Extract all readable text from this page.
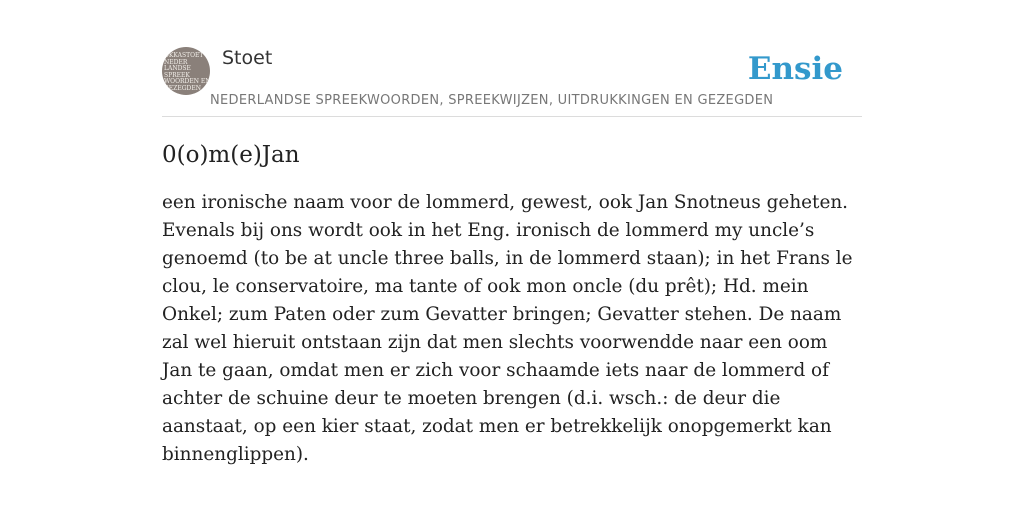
OKKASTOET
NEDER
LANDSE
SPREEK
WOORDEN EN
GEZEGDEN
Stoet
NEDERLANDSE SPREEKWOORDEN, SPREEKWIJZEN, UITDRUKKINGEN EN GEZEGDEN
Ensie
0(o)m(e)Jan

een ironische naam voor de lommerd, gewest, ook Jan Snotneus geheten. Evenals bij ons wordt ook in het Eng. ironisch de lommerd my uncle’s genoemd (to be at uncle three balls, in de lommerd staan); in het Frans le clou, le conservatoire, ma tante of ook mon oncle (du prêt); Hd. mein Onkel; zum Paten oder zum Gevatter bringen; Gevatter stehen. De naam zal wel hieruit ontstaan zijn dat men slechts voorwendde naar een oom Jan te gaan, omdat men er zich voor schaamde iets naar de lommerd of achter de schuine deur te moeten brengen (d.i. wsch.: de deur die aanstaat, op een kier staat, zodat men er betrekkelijk onopgemerkt kan binnenglippen).
